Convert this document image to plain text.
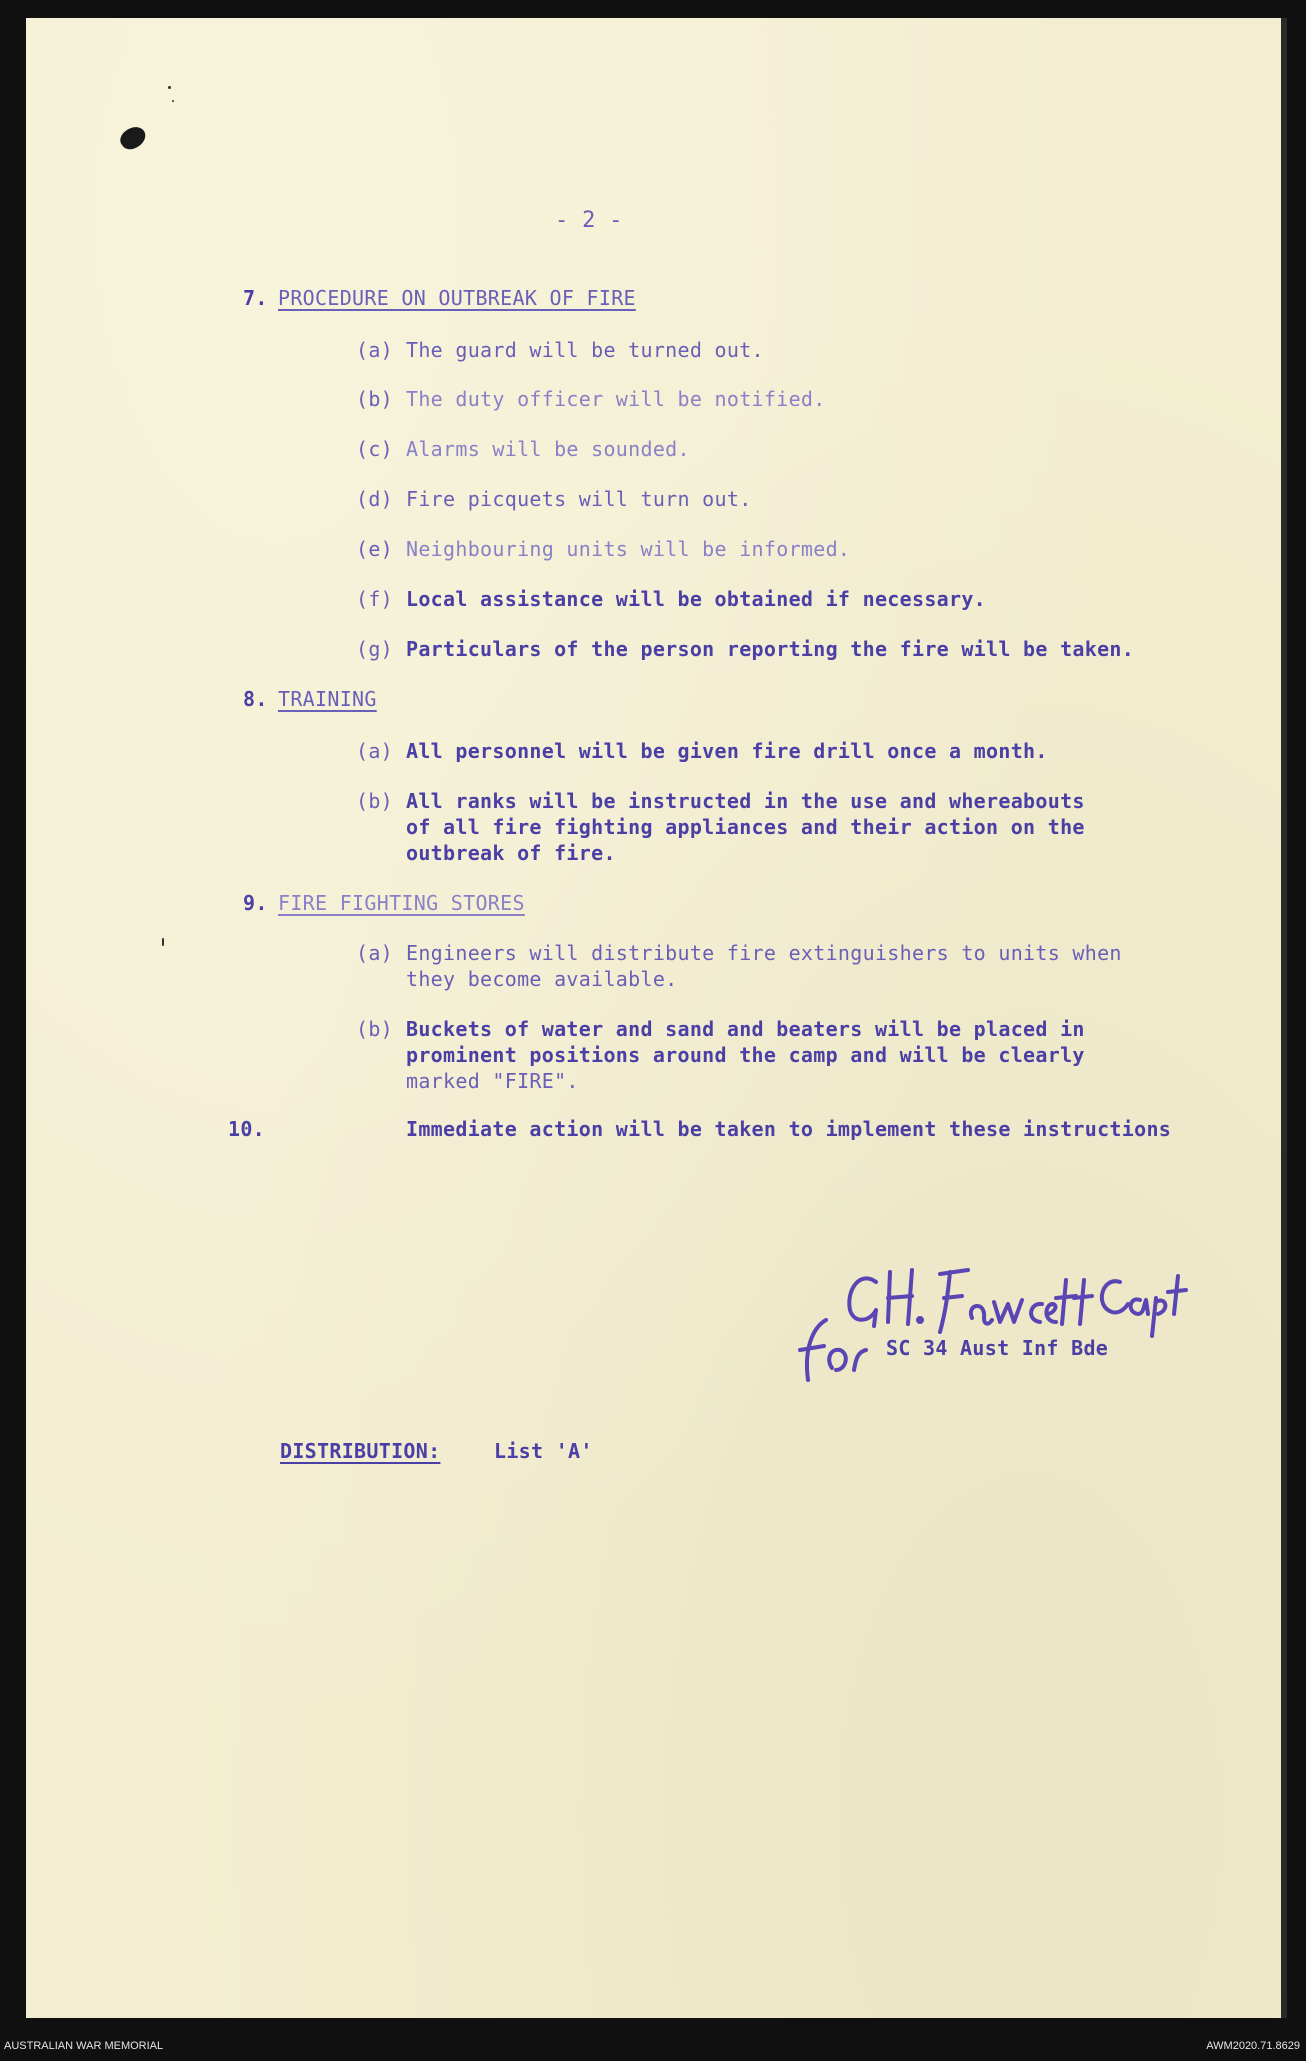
- 2 -
7. PROCEDURE ON OUTBREAK OF FIRE
(a) The guard will be turned out.
(b) The duty officer will be notified.
(c) Alarms will be sounded.
(d) Fire picquets will turn out.
(e) Neighbouring units will be informed.
(f) Local assistance will be obtained if necessary.
(g) Particulars of the person reporting the fire will be taken.
8. TRAINING
(a) All personnel will be given fire drill once a month.
(b) All ranks will be instructed in the use and whereabouts
of all fire fighting appliances and their action on the
outbreak of fire.
9. FIRE FIGHTING STORES
(a) Engineers will distribute fire extinguishers to units when
they become available.
(b) Buckets of water and sand and beaters will be placed in
prominent positions around the camp and will be clearly
marked "FIRE".
10.	Immediate action will be taken to implement these instructions
SC 34 Aust Inf Bde
DISTRIBUTION:	List 'A'
AUSTRALIAN WAR MEMORIAL	AWM2020.71.8629
